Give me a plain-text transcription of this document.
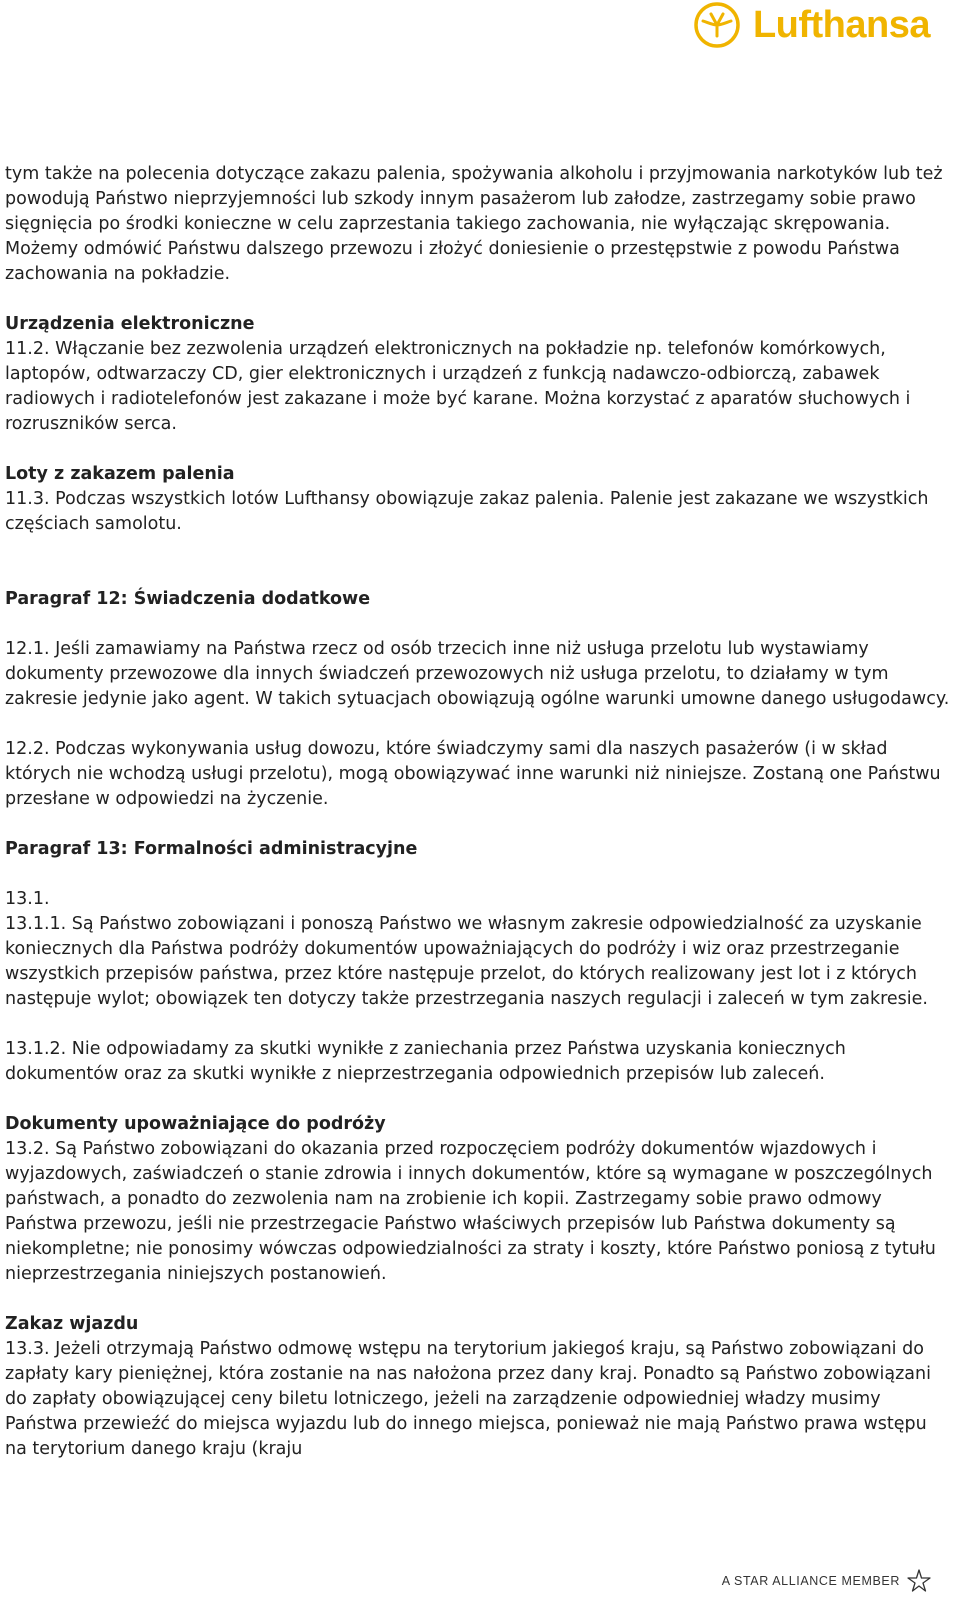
Lufthansa

tym także na polecenia dotyczące zakazu palenia, spożywania alkoholu i przyjmowania narkotyków lub też powodują Państwo nieprzyjemności lub szkody innym pasażerom lub załodze, zastrzegamy sobie prawo sięgnięcia po środki konieczne w celu zaprzestania takiego zachowania, nie wyłączając skrępowania. Możemy odmówić Państwu dalszego przewozu i złożyć doniesienie o przestępstwie z powodu Państwa zachowania na pokładzie.

Urządzenia elektroniczne

11.2. Włączanie bez zezwolenia urządzeń elektronicznych na pokładzie np. telefonów komórkowych, laptopów, odtwarzaczy CD, gier elektronicznych i urządzeń z funkcją nadawczo-odbiorczą, zabawek radiowych i radiotelefonów jest zakazane i może być karane. Można korzystać z aparatów słuchowych i rozruszników serca.

Loty z zakazem palenia

11.3. Podczas wszystkich lotów Lufthansy obowiązuje zakaz palenia. Palenie jest zakazane we wszystkich częściach samolotu.

Paragraf 12: Świadczenia dodatkowe

12.1. Jeśli zamawiamy na Państwa rzecz od osób trzecich inne niż usługa przelotu lub wystawiamy dokumenty przewozowe dla innych świadczeń przewozowych niż usługa przelotu, to działamy w tym zakresie jedynie jako agent. W takich sytuacjach obowiązują ogólne warunki umowne danego usługodawcy.

12.2. Podczas wykonywania usług dowozu, które świadczymy sami dla naszych pasażerów (i w skład których nie wchodzą usługi przelotu), mogą obowiązywać inne warunki niż niniejsze. Zostaną one Państwu przesłane w odpowiedzi na życzenie.

Paragraf 13: Formalności administracyjne

13.1.

13.1.1. Są Państwo zobowiązani i ponoszą Państwo we własnym zakresie odpowiedzialność za uzyskanie koniecznych dla Państwa podróży dokumentów upoważniających do podróży i wiz oraz przestrzeganie wszystkich przepisów państwa, przez które następuje przelot, do których realizowany jest lot i z których następuje wylot; obowiązek ten dotyczy także przestrzegania naszych regulacji i zaleceń w tym zakresie.

13.1.2. Nie odpowiadamy za skutki wynikłe z zaniechania przez Państwa uzyskania koniecznych dokumentów oraz za skutki wynikłe z nieprzestrzegania odpowiednich przepisów lub zaleceń.

Dokumenty upoważniające do podróży

13.2. Są Państwo zobowiązani do okazania przed rozpoczęciem podróży dokumentów wjazdowych i wyjazdowych, zaświadczeń o stanie zdrowia i innych dokumentów, które są wymagane w poszczególnych państwach, a ponadto do zezwolenia nam na zrobienie ich kopii. Zastrzegamy sobie prawo odmowy Państwa przewozu, jeśli nie przestrzegacie Państwo właściwych przepisów lub Państwa dokumenty są niekompletne; nie ponosimy wówczas odpowiedzialności za straty i koszty, które Państwo poniosą z tytułu nieprzestrzegania niniejszych postanowień.

Zakaz wjazdu

13.3. Jeżeli otrzymają Państwo odmowę wstępu na terytorium jakiegoś kraju, są Państwo zobowiązani do zapłaty kary pieniężnej, która zostanie na nas nałożona przez dany kraj. Ponadto są Państwo zobowiązani do zapłaty obowiązującej ceny biletu lotniczego, jeżeli na zarządzenie odpowiedniej władzy musimy Państwa przewieźć do miejsca wyjazdu lub do innego miejsca, ponieważ nie mają Państwo prawa wstępu na terytorium danego kraju (kraju

A STAR ALLIANCE MEMBER
